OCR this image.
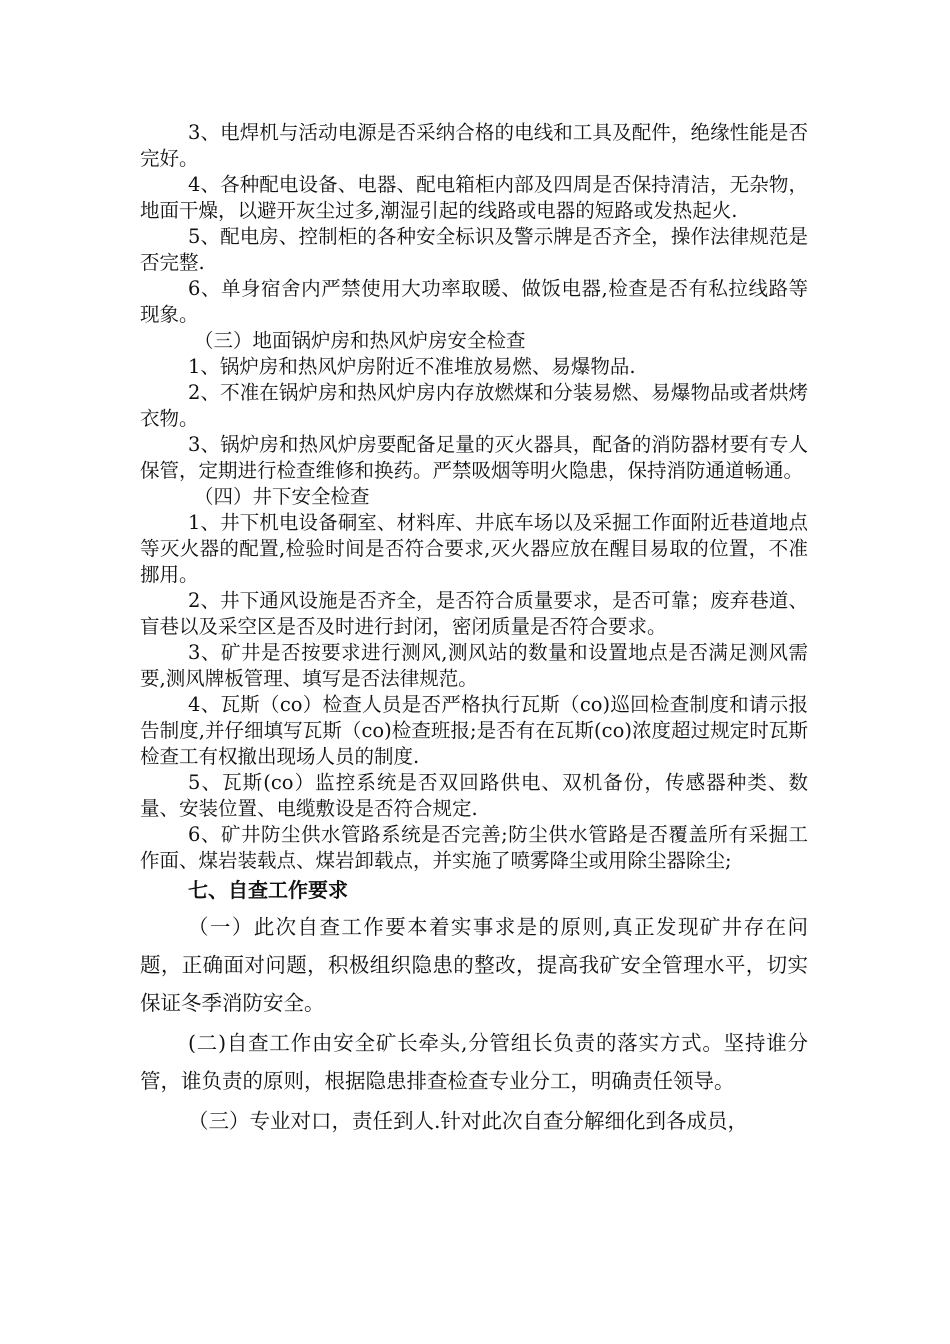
3、电焊机与活动电源是否采纳合格的电线和工具及配件，绝缘性能是否完好。

4、各种配电设备、电器、配电箱柜内部及四周是否保持清洁，无杂物，地面干燥，以避开灰尘过多,潮湿引起的线路或电器的短路或发热起火.

5、配电房、控制柜的各种安全标识及警示牌是否齐全，操作法律规范是否完整.

6、单身宿舍内严禁使用大功率取暖、做饭电器,检查是否有私拉线路等现象。

（三）地面锅炉房和热风炉房安全检查

1、锅炉房和热风炉房附近不准堆放易燃、易爆物品.

2、不准在锅炉房和热风炉房内存放燃煤和分装易燃、易爆物品或者烘烤衣物。

3、锅炉房和热风炉房要配备足量的灭火器具，配备的消防器材要有专人保管，定期进行检查维修和换药。严禁吸烟等明火隐患，保持消防通道畅通。

（四）井下安全检查

1、井下机电设备硐室、材料库、井底车场以及采掘工作面附近巷道地点等灭火器的配置,检验时间是否符合要求,灭火器应放在醒目易取的位置，不准挪用。

2、井下通风设施是否齐全，是否符合质量要求，是否可靠；废弃巷道、盲巷以及采空区是否及时进行封闭，密闭质量是否符合要求。

3、矿井是否按要求进行测风,测风站的数量和设置地点是否满足测风需要,测风牌板管理、填写是否法律规范。

4、瓦斯（co）检查人员是否严格执行瓦斯（co)巡回检查制度和请示报告制度,并仔细填写瓦斯（co)检查班报;是否有在瓦斯(co)浓度超过规定时瓦斯检查工有权撤出现场人员的制度.

5、瓦斯(co）监控系统是否双回路供电、双机备份，传感器种类、数量、安装位置、电缆敷设是否符合规定.

6、矿井防尘供水管路系统是否完善;防尘供水管路是否覆盖所有采掘工作面、煤岩装载点、煤岩卸载点，并实施了喷雾降尘或用除尘器除尘;

七、自查工作要求

（一）此次自查工作要本着实事求是的原则,真正发现矿井存在问题，正确面对问题，积极组织隐患的整改，提高我矿安全管理水平，切实保证冬季消防安全。

(二)自查工作由安全矿长牵头,分管组长负责的落实方式。坚持谁分管，谁负责的原则，根据隐患排查检查专业分工，明确责任领导。

（三）专业对口，责任到人.针对此次自查分解细化到各成员，
